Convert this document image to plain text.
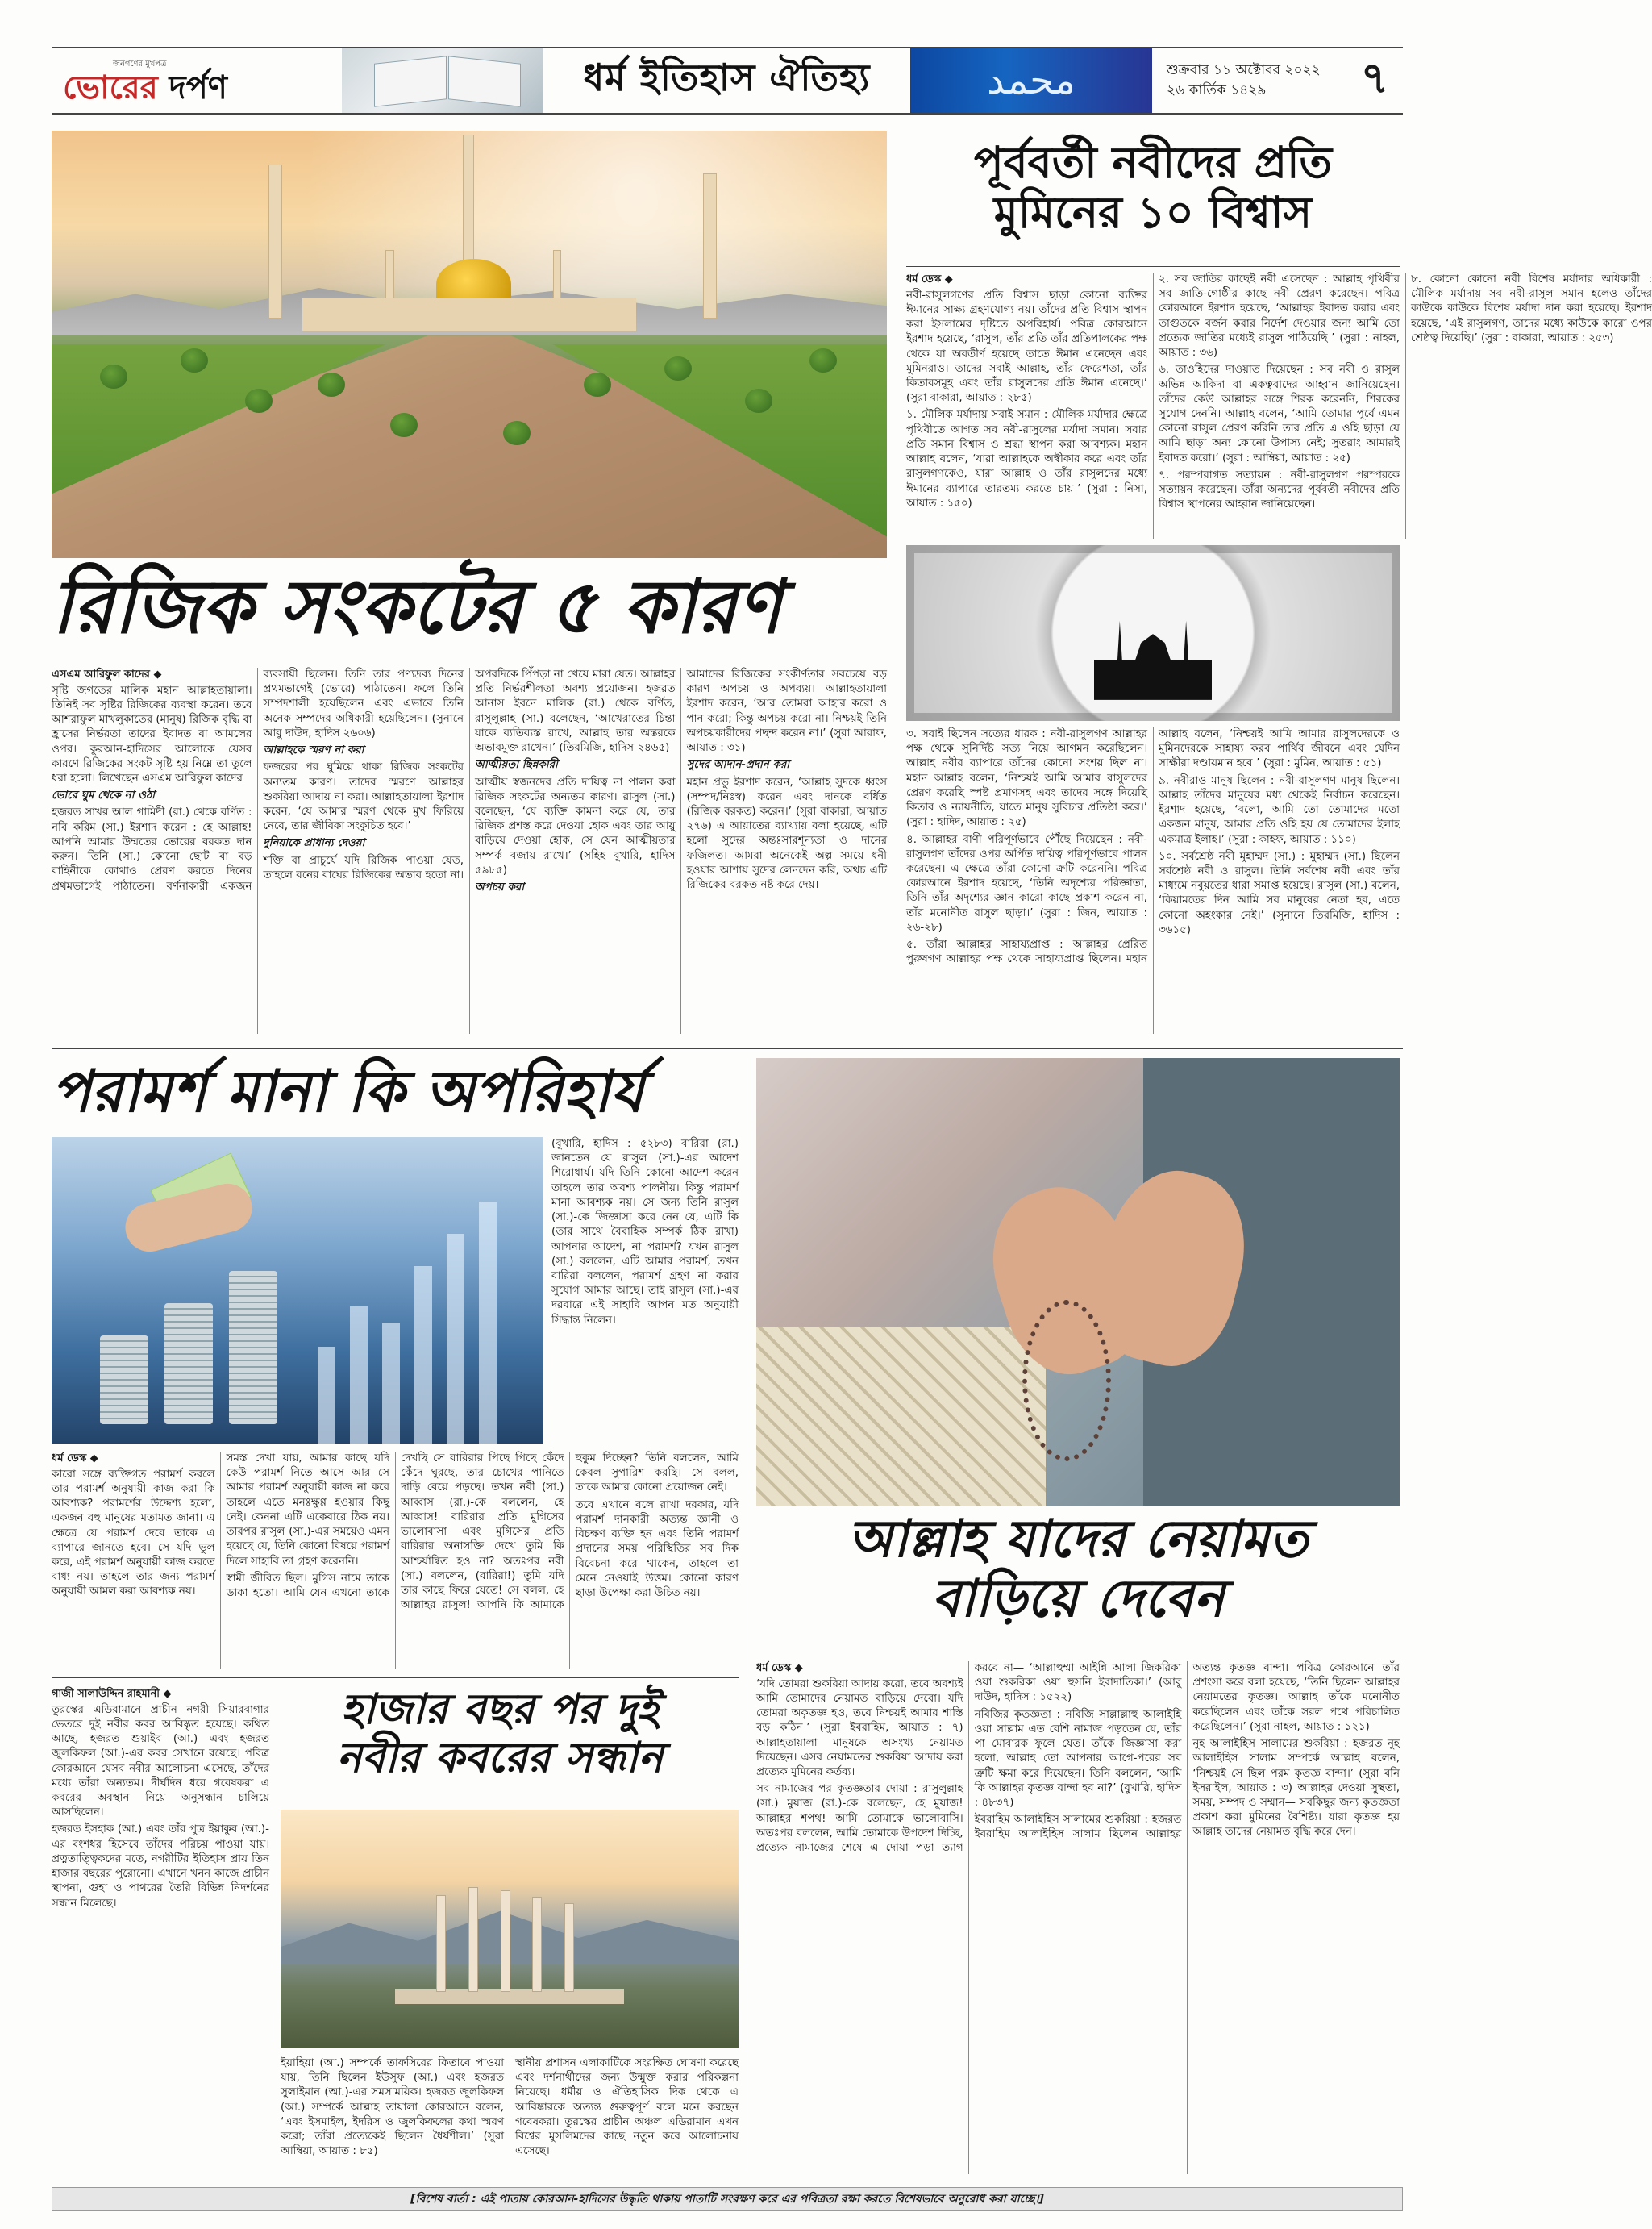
জনগণের মুখপত্র
ভোরের দর্পণ	ধর্ম ইতিহাস ঐতিহ্য	محمد	শুক্রবার ১১ অক্টোবর ২০২২
২৬ কার্তিক ১৪২৯	৭
রিজিক সংকটের ৫ কারণ
এসএম আরিফুল কাদের ◆

সৃষ্টি জগতের মালিক মহান আল্লাহতায়ালা। তিনিই সব সৃষ্টির রিজিকের ব্যবস্থা করেন। তবে আশরাফুল মাখলুকাতের (মানুষ) রিজিক বৃদ্ধি বা হ্রাসের নির্ভরতা তাদের ইবাদত বা আমলের ওপর। কুরআন-হাদিসের আলোকে যেসব কারণে রিজিকের সংকট সৃষ্টি হয় নিম্নে তা তুলে ধরা হলো। লিখেছেন এসএম আরিফুল কাদের

ভোরে ঘুম থেকে না ওঠা

হজরত সাখর আল গামিদী (রা.) থেকে বর্ণিত : নবি করিম (সা.) ইরশাদ করেন : হে আল্লাহ! আপনি আমার উম্মতের ভোরের বরকত দান করুন। তিনি (সা.) কোনো ছোট বা বড় বাহিনীকে কোথাও প্রেরণ করতে দিনের প্রথমভাগেই পাঠাতেন। বর্ণনাকারী একজন ব্যবসায়ী ছিলেন। তিনি তার পণ্যদ্রব্য দিনের প্রথমভাগেই (ভোরে) পাঠাতেন। ফলে তিনি সম্পদশালী হয়েছিলেন এবং এভাবে তিনি অনেক সম্পদের অধিকারী হয়েছিলেন। (সুনানে আবু দাউদ, হাদিস ২৬০৬)

আল্লাহকে স্মরণ না করা

ফজরের পর ঘুমিয়ে থাকা রিজিক সংকটের অন্যতম কারণ। তাদের স্মরণে আল্লাহর শুকরিয়া আদায় না করা। আল্লাহতায়ালা ইরশাদ করেন, ‘যে আমার স্মরণ থেকে মুখ ফিরিয়ে নেবে, তার জীবিকা সংকুচিত হবে।’

দুনিয়াকে প্রাধান্য দেওয়া

শক্তি বা প্রাচুর্যে যদি রিজিক পাওয়া যেত, তাহলে বনের বাঘের রিজিকের অভাব হতো না। অপরদিকে পিঁপড়া না খেয়ে মারা যেত। আল্লাহর প্রতি নির্ভরশীলতা অবশ্য প্রয়োজন। হজরত আনাস ইবনে মালিক (রা.) থেকে বর্ণিত, রাসুলুল্লাহ (সা.) বলেছেন, ‘আখেরাতের চিন্তা যাকে ব্যতিব্যস্ত রাখে, আল্লাহ তার অন্তরকে অভাবমুক্ত রাখেন।’ (তিরমিজি, হাদিস ২৪৬৫)

আত্মীয়তা ছিন্নকারী

আত্মীয় স্বজনদের প্রতি দায়িত্ব না পালন করা রিজিক সংকটের অন্যতম কারণ। রাসুল (সা.) বলেছেন, ‘যে ব্যক্তি কামনা করে যে, তার রিজিক প্রশস্ত করে দেওয়া হোক এবং তার আয়ু বাড়িয়ে দেওয়া হোক, সে যেন আত্মীয়তার সম্পর্ক বজায় রাখে।’ (সহিহ বুখারি, হাদিস ৫৯৮৫)

অপচয় করা

আমাদের রিজিকের সংকীর্ণতার সবচেয়ে বড় কারণ অপচয় ও অপব্যয়। আল্লাহতায়ালা ইরশাদ করেন, ‘আর তোমরা আহার করো ও পান করো; কিন্তু অপচয় করো না। নিশ্চয়ই তিনি অপচয়কারীদের পছন্দ করেন না।’ (সুরা আরাফ, আয়াত : ৩১)

সুদের আদান-প্রদান করা

মহান প্রভু ইরশাদ করেন, ‘আল্লাহ সুদকে ধ্বংস (সম্পদ/নিঃস্ব) করেন এবং দানকে বর্ধিত (রিজিক বরকত) করেন।’ (সুরা বাকারা, আয়াত ২৭৬) এ আয়াতের ব্যাখ্যায় বলা হয়েছে, এটি হলো সুদের অন্তঃসারশূন্যতা ও দানের ফজিলত। আমরা অনেকেই অল্প সময়ে ধনী হওয়ার আশায় সুদের লেনদেন করি, অথচ এটি রিজিকের বরকত নষ্ট করে দেয়।

পূর্ববর্তী নবীদের প্রতি
মুমিনের ১০ বিশ্বাস
ধর্ম ডেস্ক ◆

নবী-রাসুলগণের প্রতি বিশ্বাস ছাড়া কোনো ব্যক্তির ঈমানের সাক্ষ্য গ্রহণযোগ্য নয়। তাঁদের প্রতি বিশ্বাস স্থাপন করা ইসলামের দৃষ্টিতে অপরিহার্য। পবিত্র কোরআনে ইরশাদ হয়েছে, ‘রাসুল, তাঁর প্রতি তাঁর প্রতিপালকের পক্ষ থেকে যা অবতীর্ণ হয়েছে তাতে ঈমান এনেছেন এবং মুমিনরাও। তাদের সবাই আল্লাহ, তাঁর ফেরেশতা, তাঁর কিতাবসমূহ এবং তাঁর রাসুলদের প্রতি ঈমান এনেছে।’ (সুরা বাকারা, আয়াত : ২৮৫)

১. মৌলিক মর্যাদায় সবাই সমান : মৌলিক মর্যাদার ক্ষেত্রে পৃথিবীতে আগত সব নবী-রাসুলের মর্যাদা সমান। সবার প্রতি সমান বিশ্বাস ও শ্রদ্ধা স্থাপন করা আবশ্যক। মহান আল্লাহ বলেন, ‘যারা আল্লাহকে অস্বীকার করে এবং তাঁর রাসুলগণকেও, যারা আল্লাহ ও তাঁর রাসুলদের মধ্যে ঈমানের ব্যাপারে তারতম্য করতে চায়।’ (সুরা : নিসা, আয়াত : ১৫০)

২. সব জাতির কাছেই নবী এসেছেন : আল্লাহ পৃথিবীর সব জাতি-গোষ্ঠীর কাছে নবী প্রেরণ করেছেন। পবিত্র কোরআনে ইরশাদ হয়েছে, ‘আল্লাহর ইবাদত করার এবং তাগুতকে বর্জন করার নির্দেশ দেওয়ার জন্য আমি তো প্রত্যেক জাতির মধ্যেই রাসুল পাঠিয়েছি।’ (সুরা : নাহল, আয়াত : ৩৬)

৬. তাওহিদের দাওয়াত দিয়েছেন : সব নবী ও রাসুল অভিন্ন আকিদা বা একত্ববাদের আহ্বান জানিয়েছেন। তাঁদের কেউ আল্লাহর সঙ্গে শিরক করেননি, শিরকের সুযোগ দেননি। আল্লাহ বলেন, ‘আমি তোমার পূর্বে এমন কোনো রাসুল প্রেরণ করিনি তার প্রতি এ ওহি ছাড়া যে আমি ছাড়া অন্য কোনো উপাস্য নেই; সুতরাং আমারই ইবাদত করো।’ (সুরা : আম্বিয়া, আয়াত : ২৫)

৭. পরম্পরাগত সত্যায়ন : নবী-রাসুলগণ পরস্পরকে সত্যায়ন করেছেন। তাঁরা অন্যদের পূর্ববর্তী নবীদের প্রতি বিশ্বাস স্থাপনের আহ্বান জানিয়েছেন।

৮. কোনো কোনো নবী বিশেষ মর্যাদার অধিকারী : মৌলিক মর্যাদায় সব নবী-রাসুল সমান হলেও তাঁদের কাউকে কাউকে বিশেষ মর্যাদা দান করা হয়েছে। ইরশাদ হয়েছে, ‘এই রাসুলগণ, তাদের মধ্যে কাউকে কারো ওপর শ্রেষ্ঠত্ব দিয়েছি।’ (সুরা : বাকারা, আয়াত : ২৫৩)

৩. সবাই ছিলেন সত্যের ধারক : নবী-রাসুলগণ আল্লাহর পক্ষ থেকে সুনির্দিষ্ট সত্য নিয়ে আগমন করেছিলেন। আল্লাহ নবীর ব্যাপারে তাঁদের কোনো সংশয় ছিল না। মহান আল্লাহ বলেন, ‘নিশ্চয়ই আমি আমার রাসুলদের প্রেরণ করেছি স্পষ্ট প্রমাণসহ এবং তাদের সঙ্গে দিয়েছি কিতাব ও ন্যায়নীতি, যাতে মানুষ সুবিচার প্রতিষ্ঠা করে।’ (সুরা : হাদিদ, আয়াত : ২৫)

৪. আল্লাহর বাণী পরিপূর্ণভাবে পৌঁছে দিয়েছেন : নবী-রাসুলগণ তাঁদের ওপর অর্পিত দায়িত্ব পরিপূর্ণভাবে পালন করেছেন। এ ক্ষেত্রে তাঁরা কোনো ক্রটি করেননি। পবিত্র কোরআনে ইরশাদ হয়েছে, ‘তিনি অদৃশ্যের পরিজ্ঞাতা, তিনি তাঁর অদৃশ্যের জ্ঞান কারো কাছে প্রকাশ করেন না, তাঁর মনোনীত রাসুল ছাড়া।’ (সুরা : জিন, আয়াত : ২৬-২৮)

৫. তাঁরা আল্লাহর সাহায্যপ্রাপ্ত : আল্লাহর প্রেরিত পুরুষগণ আল্লাহর পক্ষ থেকে সাহায্যপ্রাপ্ত ছিলেন। মহান আল্লাহ বলেন, ‘নিশ্চয়ই আমি আমার রাসুলদেরকে ও মুমিনদেরকে সাহায্য করব পার্থিব জীবনে এবং যেদিন সাক্ষীরা দণ্ডায়মান হবে।’ (সুরা : মুমিন, আয়াত : ৫১)

৯. নবীরাও মানুষ ছিলেন : নবী-রাসুলগণ মানুষ ছিলেন। আল্লাহ তাঁদের মানুষের মধ্য থেকেই নির্বাচন করেছেন। ইরশাদ হয়েছে, ‘বলো, আমি তো তোমাদের মতো একজন মানুষ, আমার প্রতি ওহি হয় যে তোমাদের ইলাহ একমাত্র ইলাহ।’ (সুরা : কাহফ, আয়াত : ১১০)

১০. সর্বশ্রেষ্ঠ নবী মুহাম্মদ (সা.) : মুহাম্মদ (সা.) ছিলেন সর্বশ্রেষ্ঠ নবী ও রাসুল। তিনি সর্বশেষ নবী এবং তাঁর মাধ্যমে নবুয়তের ধারা সমাপ্ত হয়েছে। রাসুল (সা.) বলেন, ‘কিয়ামতের দিন আমি সব মানুষের নেতা হব, এতে কোনো অহংকার নেই।’ (সুনানে তিরমিজি, হাদিস : ৩৬১৫)

পরামর্শ মানা কি অপরিহার্য

(বুখারি, হাদিস : ৫২৮৩) বারিরা (রা.) জানতেন যে রাসুল (সা.)-এর আদেশ শিরোধার্য। যদি তিনি কোনো আদেশ করেন তাহলে তার অবশ্য পালনীয়। কিন্তু পরামর্শ মানা আবশ্যক নয়। সে জন্য তিনি রাসুল (সা.)-কে জিজ্ঞাসা করে নেন যে, এটি কি (তার সাথে বৈবাহিক সম্পর্ক ঠিক রাখা) আপনার আদেশ, না পরামর্শ? যখন রাসুল (সা.) বললেন, এটি আমার পরামর্শ, তখন বারিরা বললেন, পরামর্শ গ্রহণ না করার সুযোগ আমার আছে। তাই রাসুল (সা.)-এর দরবারে এই সাহাবি আপন মত অনুযায়ী সিদ্ধান্ত নিলেন।

ধর্ম ডেস্ক ◆

কারো সঙ্গে ব্যক্তিগত পরামর্শ করলে তার পরামর্শ অনুযায়ী কাজ করা কি আবশ্যক? পরামর্শের উদ্দেশ্য হলো, একজন বহু মানুষের মতামত জানা। এ ক্ষেত্রে যে পরামর্শ দেবে তাকে এ ব্যাপারে জানতে হবে। সে যদি ভুল করে, এই পরামর্শ অনুযায়ী কাজ করতে বাধ্য নয়। তাহলে তার জন্য পরামর্শ অনুযায়ী আমল করা আবশ্যক নয়।

সমস্ত দেখা যায়, আমার কাছে যদি কেউ পরামর্শ নিতে আসে আর সে আমার পরামর্শ অনুযায়ী কাজ না করে তাহলে এতে মনঃক্ষুণ্ণ হওয়ার কিছু নেই। কেননা এটি একেবারে ঠিক নয়। তারপর রাসুল (সা.)-এর সময়েও এমন হয়েছে যে, তিনি কোনো বিষয়ে পরামর্শ দিলে সাহাবি তা গ্রহণ করেননি।

স্বামী জীবিত ছিল। মুগিস নামে তাকে ডাকা হতো। আমি যেন এখনো তাকে দেখছি সে বারিরার পিছে পিছে কেঁদে কেঁদে ঘুরছে, তার চোখের পানিতে দাড়ি বেয়ে পড়ছে। তখন নবী (সা.) আব্বাস (রা.)-কে বললেন, হে আব্বাস! বারিরার প্রতি মুগিসের ভালোবাসা এবং মুগিসের প্রতি বারিরার অনাসক্তি দেখে তুমি কি আশ্চর্যান্বিত হও না? অতঃপর নবী (সা.) বললেন, (বারিরা!) তুমি যদি তার কাছে ফিরে যেতে! সে বলল, হে আল্লাহর রাসুল! আপনি কি আমাকে হুকুম দিচ্ছেন? তিনি বললেন, আমি কেবল সুপারিশ করছি। সে বলল, তাকে আমার কোনো প্রয়োজন নেই।

তবে এখানে বলে রাখা দরকার, যদি পরামর্শ দানকারী অত্যন্ত জ্ঞানী ও বিচক্ষণ ব্যক্তি হন এবং তিনি পরামর্শ প্রদানের সময় পরিস্থিতির সব দিক বিবেচনা করে থাকেন, তাহলে তা মেনে নেওয়াই উত্তম। কোনো কারণ ছাড়া উপেক্ষা করা উচিত নয়।

আল্লাহ যাদের নেয়ামত
বাড়িয়ে দেবেন
ধর্ম ডেস্ক ◆

‘যদি তোমরা শুকরিয়া আদায় করো, তবে অবশ্যই আমি তোমাদের নেয়ামত বাড়িয়ে দেবো। যদি তোমরা অকৃতজ্ঞ হও, তবে নিশ্চয়ই আমার শাস্তি বড় কঠিন।’ (সুরা ইবরাহিম, আয়াত : ৭) আল্লাহতায়ালা মানুষকে অসংখ্য নেয়ামত দিয়েছেন। এসব নেয়ামতের শুকরিয়া আদায় করা প্রত্যেক মুমিনের কর্তব্য।

সব নামাজের পর কৃতজ্ঞতার দোয়া : রাসুলুল্লাহ (সা.) মুয়াজ (রা.)-কে বলেছেন, হে মুয়াজ! আল্লাহর শপথ! আমি তোমাকে ভালোবাসি। অতঃপর বললেন, আমি তোমাকে উপদেশ দিচ্ছি, প্রত্যেক নামাজের শেষে এ দোয়া পড়া ত্যাগ করবে না— ‘আল্লাহুম্মা আইন্নি আলা জিকরিকা ওয়া শুকরিকা ওয়া হুসনি ইবাদাতিকা।’ (আবু দাউদ, হাদিস : ১৫২২)

নবিজির কৃতজ্ঞতা : নবিজি সাল্লাল্লাহু আলাইহি ওয়া সাল্লাম এত বেশি নামাজ পড়তেন যে, তাঁর পা মোবারক ফুলে যেত। তাঁকে জিজ্ঞাসা করা হলো, আল্লাহ তো আপনার আগে-পরের সব ত্রুটি ক্ষমা করে দিয়েছেন। তিনি বললেন, ‘আমি কি আল্লাহর কৃতজ্ঞ বান্দা হব না?’ (বুখারি, হাদিস : ৪৮৩৭)

ইবরাহিম আলাইহিস সালামের শুকরিয়া : হজরত ইবরাহিম আলাইহিস সালাম ছিলেন আল্লাহর অত্যন্ত কৃতজ্ঞ বান্দা। পবিত্র কোরআনে তাঁর প্রশংসা করে বলা হয়েছে, ‘তিনি ছিলেন আল্লাহর নেয়ামতের কৃতজ্ঞ। আল্লাহ তাঁকে মনোনীত করেছিলেন এবং তাঁকে সরল পথে পরিচালিত করেছিলেন।’ (সুরা নাহল, আয়াত : ১২১)

নুহ আলাইহিস সালামের শুকরিয়া : হজরত নুহ আলাইহিস সালাম সম্পর্কে আল্লাহ বলেন, ‘নিশ্চয়ই সে ছিল পরম কৃতজ্ঞ বান্দা।’ (সুরা বনি ইসরাইল, আয়াত : ৩) আল্লাহর দেওয়া সুস্থতা, সময়, সম্পদ ও সম্মান— সবকিছুর জন্য কৃতজ্ঞতা প্রকাশ করা মুমিনের বৈশিষ্ট্য। যারা কৃতজ্ঞ হয় আল্লাহ তাদের নেয়ামত বৃদ্ধি করে দেন।

হাজার বছর পর দুই
নবীর কবরের সন্ধান
গাজী সালাউদ্দিন রাহমানী ◆

তুরস্কের এডিরামানে প্রাচীন নগরী সিয়ারবাগার ভেতরে দুই নবীর কবর আবিষ্কৃত হয়েছে। কথিত আছে, হজরত শুয়াইব (আ.) এবং হজরত জুলকিফল (আ.)-এর কবর সেখানে রয়েছে। পবিত্র কোরআনে যেসব নবীর আলোচনা এসেছে, তাঁদের মধ্যে তাঁরা অন্যতম। দীর্ঘদিন ধরে গবেষকরা এ কবরের অবস্থান নিয়ে অনুসন্ধান চালিয়ে আসছিলেন।

হজরত ইসহাক (আ.) এবং তাঁর পুত্র ইয়াকুব (আ.)-এর বংশধর হিসেবে তাঁদের পরিচয় পাওয়া যায়। প্রত্নতাত্ত্বিকদের মতে, নগরীটির ইতিহাস প্রায় তিন হাজার বছরের পুরোনো। এখানে খনন কাজে প্রাচীন স্থাপনা, গুহা ও পাথরের তৈরি বিভিন্ন নিদর্শনের সন্ধান মিলেছে।

ইয়াহিয়া (আ.) সম্পর্কে তাফসিরের কিতাবে পাওয়া যায়, তিনি ছিলেন ইউসুফ (আ.) এবং হজরত সুলাইমান (আ.)-এর সমসাময়িক। হজরত জুলকিফল (আ.) সম্পর্কে আল্লাহ তায়ালা কোরআনে বলেন, ‘এবং ইসমাইল, ইদরিস ও জুলকিফলের কথা স্মরণ করো; তাঁরা প্রত্যেকেই ছিলেন ধৈর্যশীল।’ (সুরা আম্বিয়া, আয়াত : ৮৫)

স্থানীয় প্রশাসন এলাকাটিকে সংরক্ষিত ঘোষণা করেছে এবং দর্শনার্থীদের জন্য উন্মুক্ত করার পরিকল্পনা নিয়েছে। ধর্মীয় ও ঐতিহাসিক দিক থেকে এ আবিষ্কারকে অত্যন্ত গুরুত্বপূর্ণ বলে মনে করছেন গবেষকরা। তুরস্কের প্রাচীন অঞ্চল এডিরামান এখন বিশ্বের মুসলিমদের কাছে নতুন করে আলোচনায় এসেছে।

[বিশেষ বার্তা : এই পাতায় কোরআন-হাদিসের উদ্ধৃতি থাকায় পাতাটি সংরক্ষণ করে এর পবিত্রতা রক্ষা করতে বিশেষভাবে অনুরোধ করা যাচ্ছে।]
